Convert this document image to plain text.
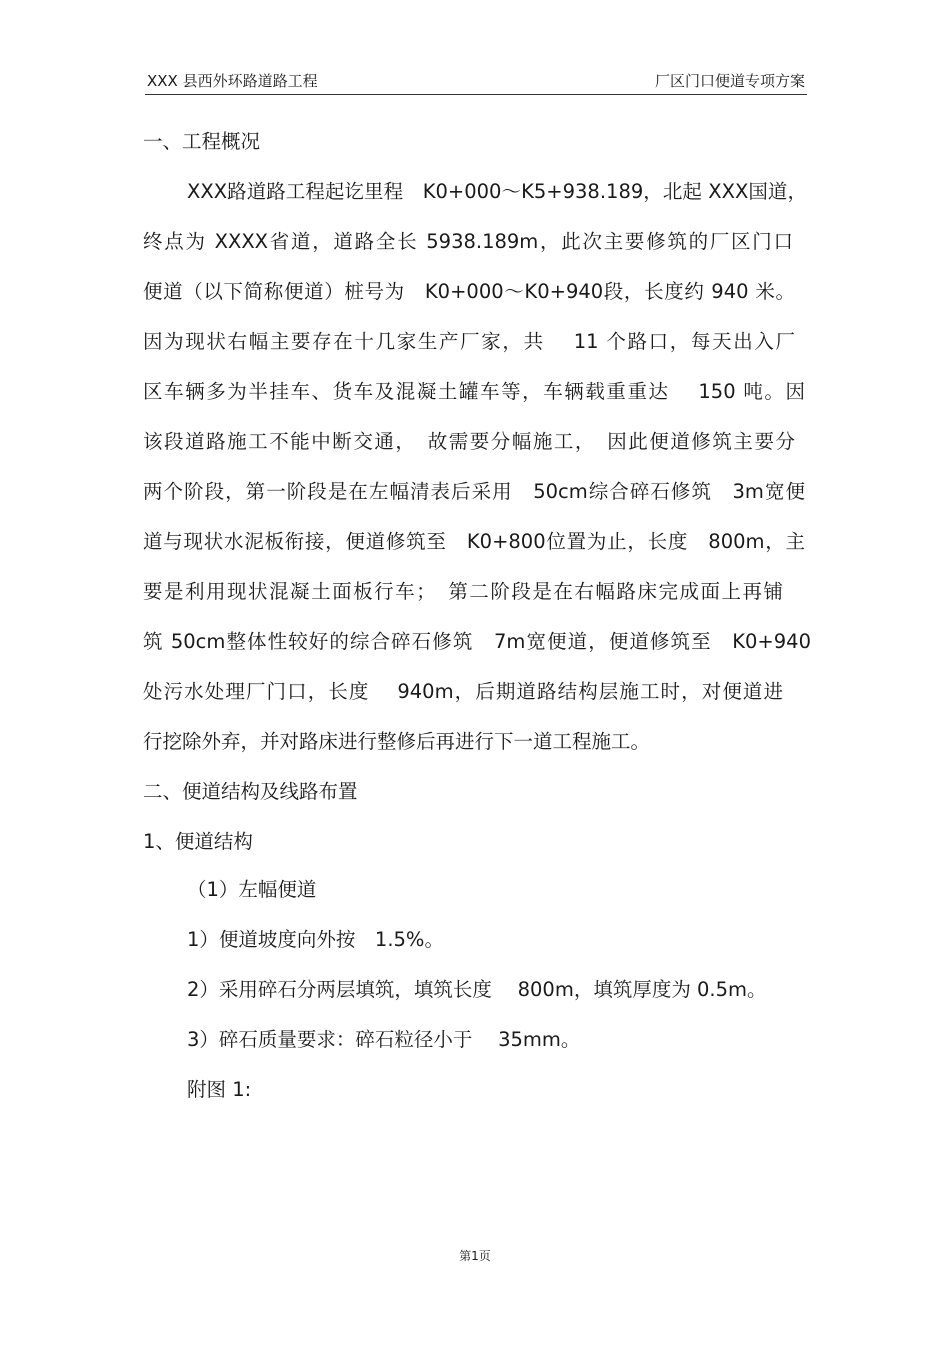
XXX 县西外环路道路工程	厂区门口便道专项方案
一、工程概况
XXX路道路工程起讫里程　K0+000～K5+938.189，北起 XXX国道，
终点为 XXXX省道，道路全长 5938.189m，此次主要修筑的厂区门口
便道（以下简称便道）桩号为　K0+000～K0+940段，长度约 940 米。
因为现状右幅主要存在十几家生产厂家，共　 11 个路口，每天出入厂
区车辆多为半挂车、货车及混凝土罐车等，车辆载重重达　 150 吨。因
该段道路施工不能中断交通，　故需要分幅施工，　因此便道修筑主要分
两个阶段，第一阶段是在左幅清表后采用　50cm综合碎石修筑　3m宽便
道与现状水泥板衔接，便道修筑至　K0+800位置为止，长度　800m，主
要是利用现状混凝土面板行车；　第二阶段是在右幅路床完成面上再铺
筑 50cm整体性较好的综合碎石修筑　7m宽便道，便道修筑至　K0+940
处污水处理厂门口，长度　 940m，后期道路结构层施工时，对便道进
行挖除外弃，并对路床进行整修后再进行下一道工程施工。
二、便道结构及线路布置
1、便道结构
（1）左幅便道
1）便道坡度向外按　1.5%。
2）采用碎石分两层填筑，填筑长度　 800m，填筑厚度为 0.5m。
3）碎石质量要求：碎石粒径小于　 35mm。
附图 1:
第1页
